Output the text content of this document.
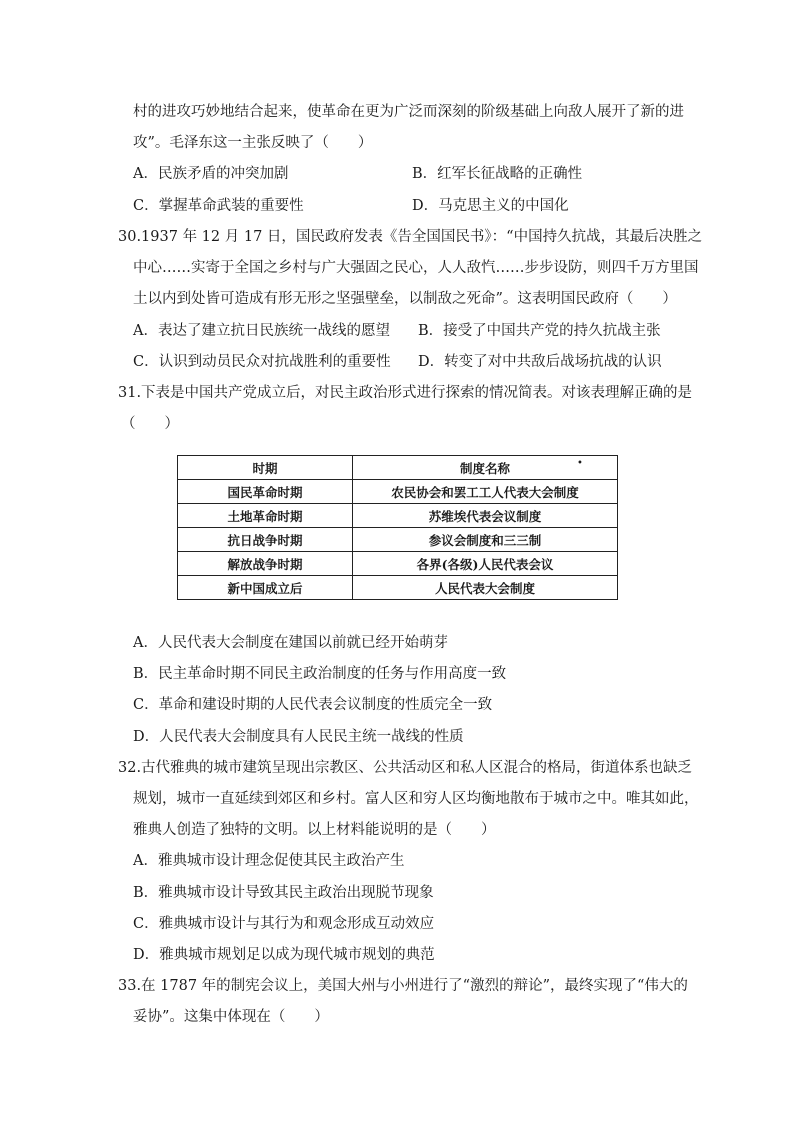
村的进攻巧妙地结合起来，使革命在更为广泛而深刻的阶级基础上向敌人展开了新的进
攻”。毛泽东这一主张反映了（　　）
A．民族矛盾的冲突加剧	B．红军长征战略的正确性
C．掌握革命武装的重要性	D．马克思主义的中国化
30.1937 年 12 月 17 日，国民政府发表《告全国国民书》：“中国持久抗战，其最后决胜之
中心……实寄于全国之乡村与广大强固之民心，人人敌忾……步步设防，则四千万方里国
土以内到处皆可造成有形无形之坚强壁垒，以制敌之死命”。这表明国民政府（　　）
A．表达了建立抗日民族统一战线的愿望 B．接受了中国共产党的持久抗战主张
C．认识到动员民众对抗战胜利的重要性 D．转变了对中共敌后战场抗战的认识
31.下表是中国共产党成立后，对民主政治形式进行探索的情况简表。对该表理解正确的是
（　　）
时期	制度名称
国民革命时期	农民协会和罢工工人代表大会制度
土地革命时期	苏维埃代表会议制度
抗日战争时期	参议会制度和三三制
解放战争时期	各界(各级)人民代表会议
新中国成立后	人民代表大会制度
•
A．人民代表大会制度在建国以前就已经开始萌芽
B．民主革命时期不同民主政治制度的任务与作用高度一致
C．革命和建设时期的人民代表会议制度的性质完全一致
D．人民代表大会制度具有人民民主统一战线的性质
32.古代雅典的城市建筑呈现出宗教区、公共活动区和私人区混合的格局，街道体系也缺乏
规划，城市一直延续到郊区和乡村。富人区和穷人区均衡地散布于城市之中。唯其如此，
雅典人创造了独特的文明。以上材料能说明的是（　　）
A．雅典城市设计理念促使其民主政治产生
B．雅典城市设计导致其民主政治出现脱节现象
C．雅典城市设计与其行为和观念形成互动效应
D．雅典城市规划足以成为现代城市规划的典范
33.在 1787 年的制宪会议上，美国大州与小州进行了“激烈的辩论”，最终实现了“伟大的
妥协”。这集中体现在（　　）
